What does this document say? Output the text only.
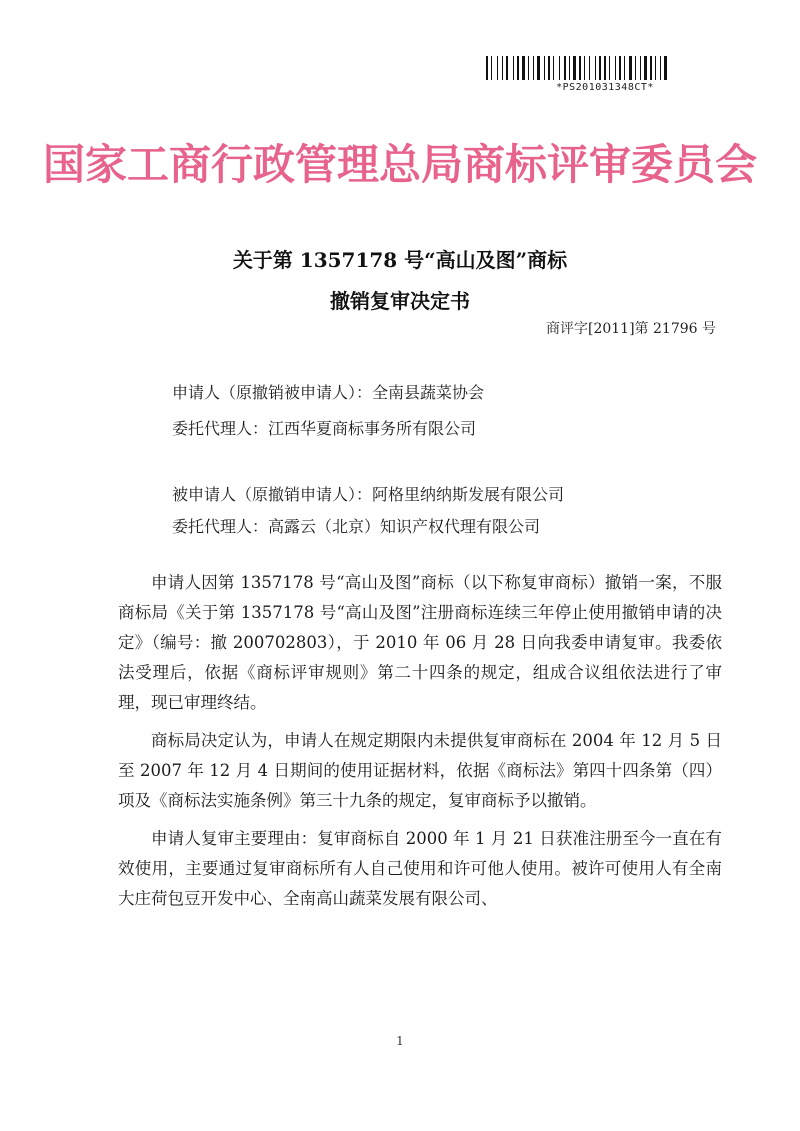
*PS201031348CT*
国家工商行政管理总局商标评审委员会
关于第 1357178 号“高山及图”商标
撤销复审决定书
商评字[2011]第 21796 号
申请人（原撤销被申请人）：全南县蔬菜协会
委托代理人：江西华夏商标事务所有限公司
被申请人（原撤销申请人）：阿格里纳纳斯发展有限公司
委托代理人：高露云（北京）知识产权代理有限公司

申请人因第 1357178 号“高山及图”商标（以下称复审商标）撤销一案，不服商标局《关于第 1357178 号“高山及图”注册商标连续三年停止使用撤销申请的决定》（编号：撤 200702803），于 2010 年 06 月 28 日向我委申请复审。我委依法受理后，依据《商标评审规则》第二十四条的规定，组成合议组依法进行了审理，现已审理终结。

商标局决定认为，申请人在规定期限内未提供复审商标在 2004 年 12 月 5 日至 2007 年 12 月 4 日期间的使用证据材料，依据《商标法》第四十四条第（四）项及《商标法实施条例》第三十九条的规定，复审商标予以撤销。

申请人复审主要理由：复审商标自 2000 年 1 月 21 日获准注册至今一直在有效使用，主要通过复审商标所有人自己使用和许可他人使用。被许可使用人有全南大庄荷包豆开发中心、全南高山蔬菜发展有限公司、

1
